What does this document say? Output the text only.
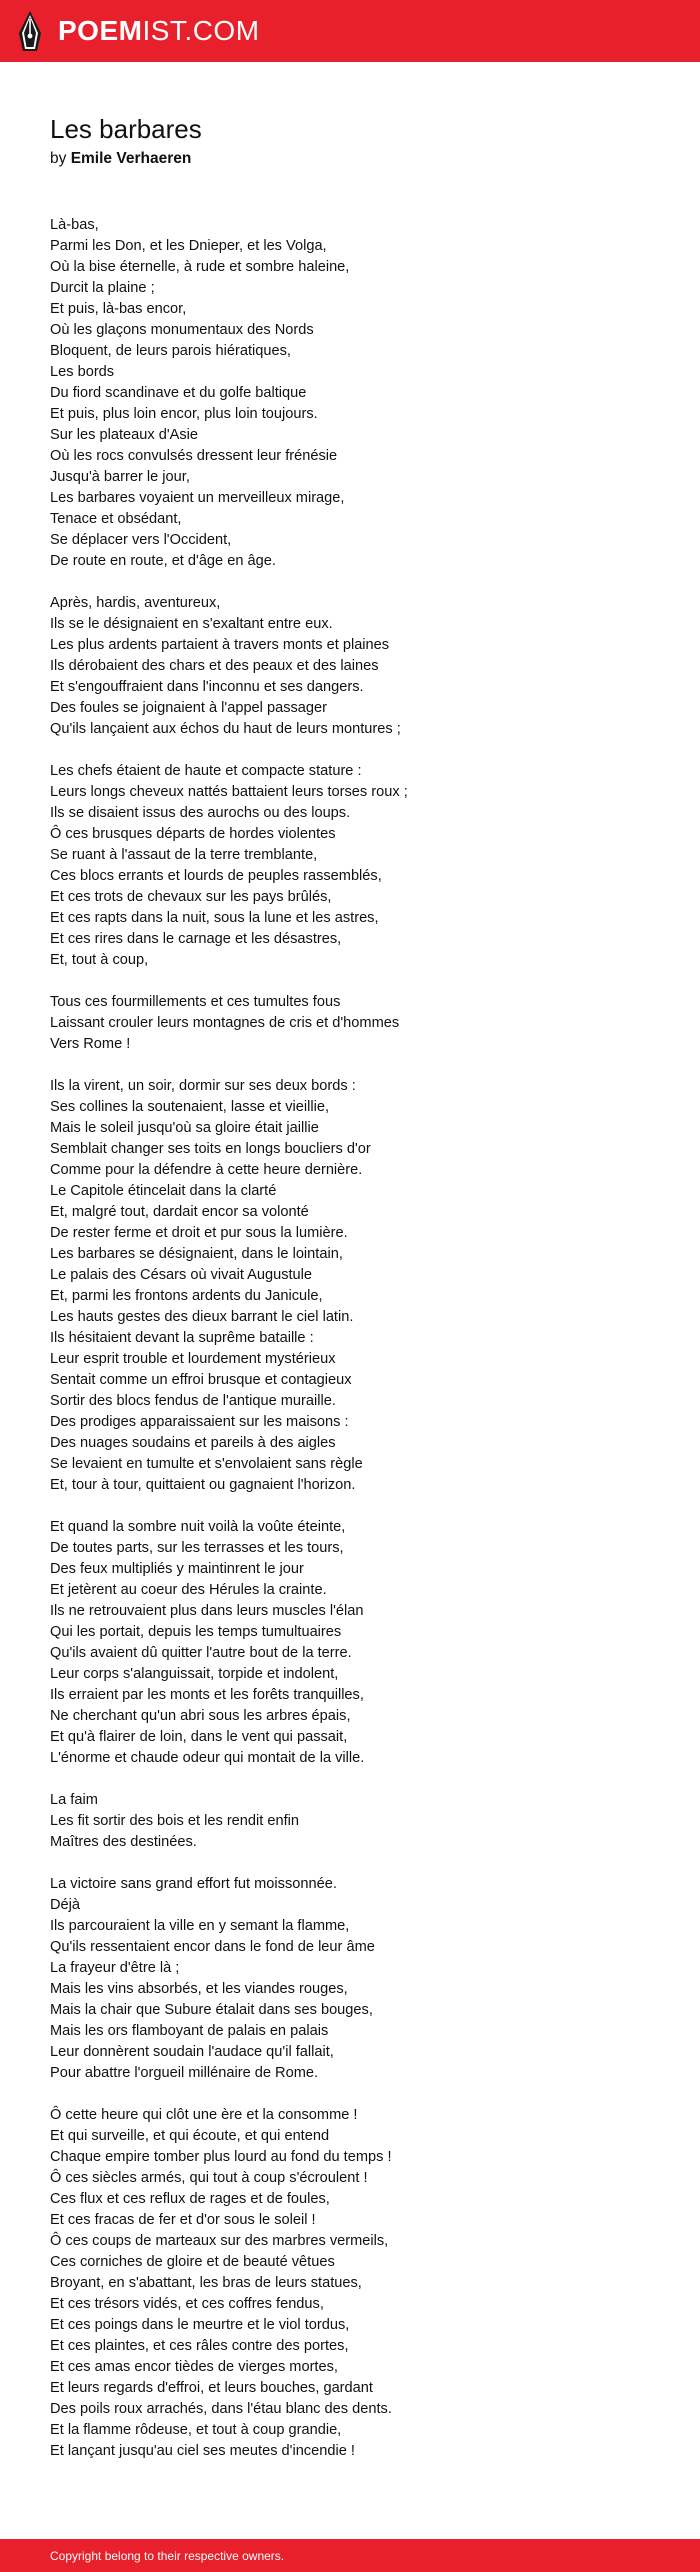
POEMIST.COM
Les barbares
by Emile Verhaeren
Là-bas,
Parmi les Don, et les Dnieper, et les Volga,
Où la bise éternelle, à rude et sombre haleine,
Durcit la plaine ;
Et puis, là-bas encor,
Où les glaçons monumentaux des Nords
Bloquent, de leurs parois hiératiques,
Les bords
Du fiord scandinave et du golfe baltique
Et puis, plus loin encor, plus loin toujours.
Sur les plateaux d'Asie
Où les rocs convulsés dressent leur frénésie
Jusqu'à barrer le jour,
Les barbares voyaient un merveilleux mirage,
Tenace et obsédant,
Se déplacer vers l'Occident,
De route en route, et d'âge en âge.
Après, hardis, aventureux,
Ils se le désignaient en s'exaltant entre eux.
Les plus ardents partaient à travers monts et plaines
Ils dérobaient des chars et des peaux et des laines
Et s'engouffraient dans l'inconnu et ses dangers.
Des foules se joignaient à l'appel passager
Qu'ils lançaient aux échos du haut de leurs montures ;
Les chefs étaient de haute et compacte stature :
Leurs longs cheveux nattés battaient leurs torses roux ;
Ils se disaient issus des aurochs ou des loups.
Ô ces brusques départs de hordes violentes
Se ruant à l'assaut de la terre tremblante,
Ces blocs errants et lourds de peuples rassemblés,
Et ces trots de chevaux sur les pays brûlés,
Et ces rapts dans la nuit, sous la lune et les astres,
Et ces rires dans le carnage et les désastres,
Et, tout à coup,
Tous ces fourmillements et ces tumultes fous
Laissant crouler leurs montagnes de cris et d'hommes
Vers Rome !
Ils la virent, un soir, dormir sur ses deux bords :
Ses collines la soutenaient, lasse et vieillie,
Mais le soleil jusqu'où sa gloire était jaillie
Semblait changer ses toits en longs boucliers d'or
Comme pour la défendre à cette heure dernière.
Le Capitole étincelait dans la clarté
Et, malgré tout, dardait encor sa volonté
De rester ferme et droit et pur sous la lumière.
Les barbares se désignaient, dans le lointain,
Le palais des Césars où vivait Augustule
Et, parmi les frontons ardents du Janicule,
Les hauts gestes des dieux barrant le ciel latin.
Ils hésitaient devant la suprême bataille :
Leur esprit trouble et lourdement mystérieux
Sentait comme un effroi brusque et contagieux
Sortir des blocs fendus de l'antique muraille.
Des prodiges apparaissaient sur les maisons :
Des nuages soudains et pareils à des aigles
Se levaient en tumulte et s'envolaient sans règle
Et, tour à tour, quittaient ou gagnaient l'horizon.
Et quand la sombre nuit voilà la voûte éteinte,
De toutes parts, sur les terrasses et les tours,
Des feux multipliés y maintinrent le jour
Et jetèrent au coeur des Hérules la crainte.
Ils ne retrouvaient plus dans leurs muscles l'élan
Qui les portait, depuis les temps tumultuaires
Qu'ils avaient dû quitter l'autre bout de la terre.
Leur corps s'alanguissait, torpide et indolent,
Ils erraient par les monts et les forêts tranquilles,
Ne cherchant qu'un abri sous les arbres épais,
Et qu'à flairer de loin, dans le vent qui passait,
L'énorme et chaude odeur qui montait de la ville.
La faim
Les fit sortir des bois et les rendit enfin
Maîtres des destinées.
La victoire sans grand effort fut moissonnée.
Déjà
Ils parcouraient la ville en y semant la flamme,
Qu'ils ressentaient encor dans le fond de leur âme
La frayeur d'être là ;
Mais les vins absorbés, et les viandes rouges,
Mais la chair que Subure étalait dans ses bouges,
Mais les ors flamboyant de palais en palais
Leur donnèrent soudain l'audace qu'il fallait,
Pour abattre l'orgueil millénaire de Rome.
Ô cette heure qui clôt une ère et la consomme !
Et qui surveille, et qui écoute, et qui entend
Chaque empire tomber plus lourd au fond du temps !
Ô ces siècles armés, qui tout à coup s'écroulent !
Ces flux et ces reflux de rages et de foules,
Et ces fracas de fer et d'or sous le soleil !
Ô ces coups de marteaux sur des marbres vermeils,
Ces corniches de gloire et de beauté vêtues
Broyant, en s'abattant, les bras de leurs statues,
Et ces trésors vidés, et ces coffres fendus,
Et ces poings dans le meurtre et le viol tordus,
Et ces plaintes, et ces râles contre des portes,
Et ces amas encor tièdes de vierges mortes,
Et leurs regards d'effroi, et leurs bouches, gardant
Des poils roux arrachés, dans l'étau blanc des dents.
Et la flamme rôdeuse, et tout à coup grandie,
Et lançant jusqu'au ciel ses meutes d'incendie !
Copyright belong to their respective owners.
